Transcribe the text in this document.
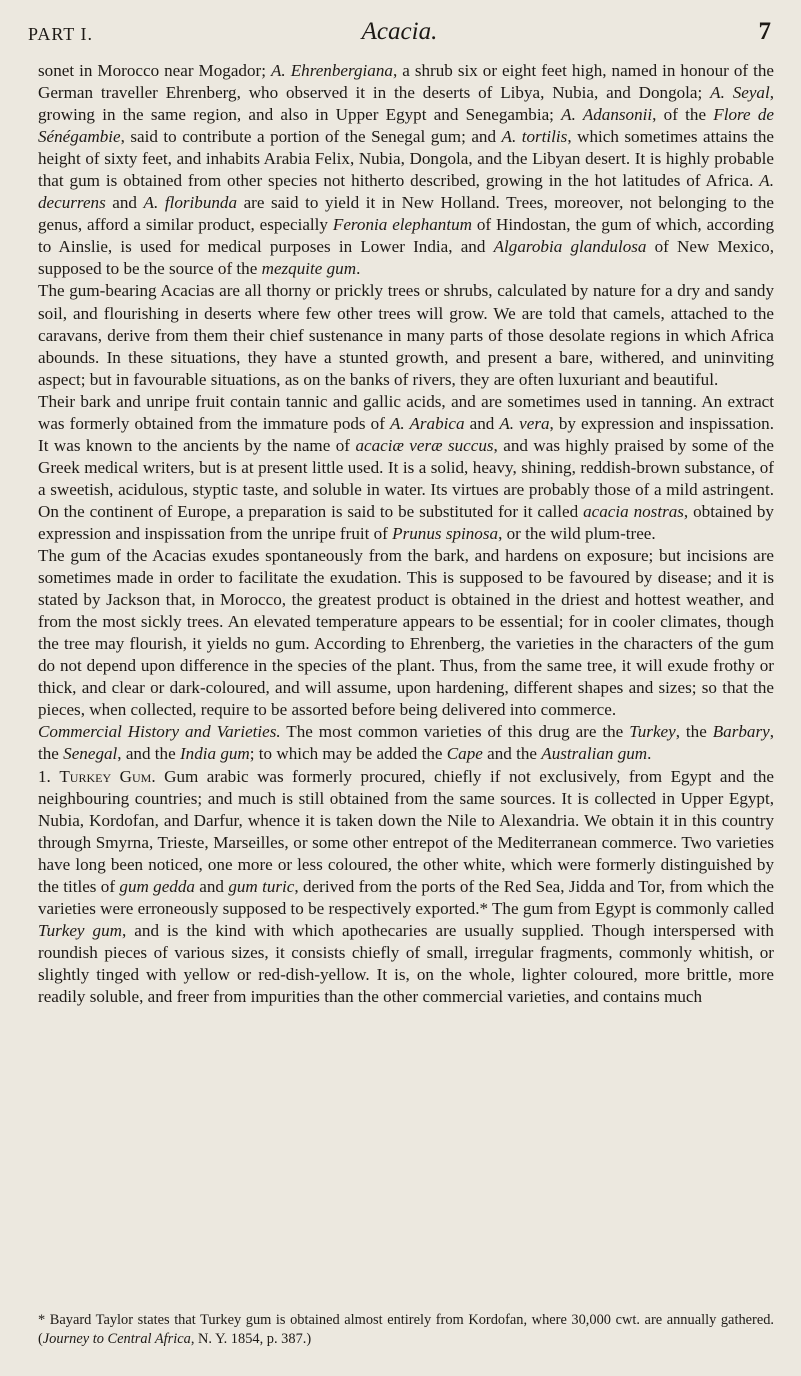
PART I.	Acacia.	7

sonet in Morocco near Mogador; A. Ehrenbergiana, a shrub six or eight feet high, named in honour of the German traveller Ehrenberg, who observed it in the deserts of Libya, Nubia, and Dongola; A. Seyal, growing in the same region, and also in Upper Egypt and Senegambia; A. Adansonii, of the Flore de Sénégambie, said to contribute a portion of the Senegal gum; and A. tortilis, which sometimes attains the height of sixty feet, and inhabits Arabia Felix, Nubia, Dongola, and the Libyan desert. It is highly probable that gum is obtained from other species not hitherto described, growing in the hot latitudes of Africa. A. decurrens and A. floribunda are said to yield it in New Holland. Trees, moreover, not belonging to the genus, afford a similar product, especially Feronia elephantum of Hindostan, the gum of which, according to Ainslie, is used for medical purposes in Lower India, and Algarobia glandulosa of New Mexico, supposed to be the source of the mezquite gum.

The gum-bearing Acacias are all thorny or prickly trees or shrubs, calculated by nature for a dry and sandy soil, and flourishing in deserts where few other trees will grow. We are told that camels, attached to the caravans, derive from them their chief sustenance in many parts of those desolate regions in which Africa abounds. In these situations, they have a stunted growth, and present a bare, withered, and uninviting aspect; but in favourable situations, as on the banks of rivers, they are often luxuriant and beautiful.

Their bark and unripe fruit contain tannic and gallic acids, and are sometimes used in tanning. An extract was formerly obtained from the immature pods of A. Arabica and A. vera, by expression and inspissation. It was known to the ancients by the name of acaciæ veræ succus, and was highly praised by some of the Greek medical writers, but is at present little used. It is a solid, heavy, shining, reddish-brown substance, of a sweetish, acidulous, styptic taste, and soluble in water. Its virtues are probably those of a mild astringent. On the continent of Europe, a preparation is said to be substituted for it called acacia nostras, obtained by expression and inspissation from the unripe fruit of Prunus spinosa, or the wild plum-tree.

The gum of the Acacias exudes spontaneously from the bark, and hardens on exposure; but incisions are sometimes made in order to facilitate the exudation. This is supposed to be favoured by disease; and it is stated by Jackson that, in Morocco, the greatest product is obtained in the driest and hottest weather, and from the most sickly trees. An elevated temperature appears to be essential; for in cooler climates, though the tree may flourish, it yields no gum. According to Ehrenberg, the varieties in the characters of the gum do not depend upon difference in the species of the plant. Thus, from the same tree, it will exude frothy or thick, and clear or dark-coloured, and will assume, upon hardening, different shapes and sizes; so that the pieces, when collected, require to be assorted before being delivered into commerce.

Commercial History and Varieties. The most common varieties of this drug are the Turkey, the Barbary, the Senegal, and the India gum; to which may be added the Cape and the Australian gum.

1. Turkey Gum. Gum arabic was formerly procured, chiefly if not exclusively, from Egypt and the neighbouring countries; and much is still obtained from the same sources. It is collected in Upper Egypt, Nubia, Kordofan, and Darfur, whence it is taken down the Nile to Alexandria. We obtain it in this country through Smyrna, Trieste, Marseilles, or some other entrepot of the Mediterranean commerce. Two varieties have long been noticed, one more or less coloured, the other white, which were formerly distinguished by the titles of gum gedda and gum turic, derived from the ports of the Red Sea, Jidda and Tor, from which the varieties were erroneously supposed to be respectively exported.* The gum from Egypt is commonly called Turkey gum, and is the kind with which apothecaries are usually supplied. Though interspersed with roundish pieces of various sizes, it consists chiefly of small, irregular fragments, commonly whitish, or slightly tinged with yellow or red-dish-yellow. It is, on the whole, lighter coloured, more brittle, more readily soluble, and freer from impurities than the other commercial varieties, and contains much

* Bayard Taylor states that Turkey gum is obtained almost entirely from Kordofan, where 30,000 cwt. are annually gathered. (Journey to Central Africa, N. Y. 1854, p. 387.)
